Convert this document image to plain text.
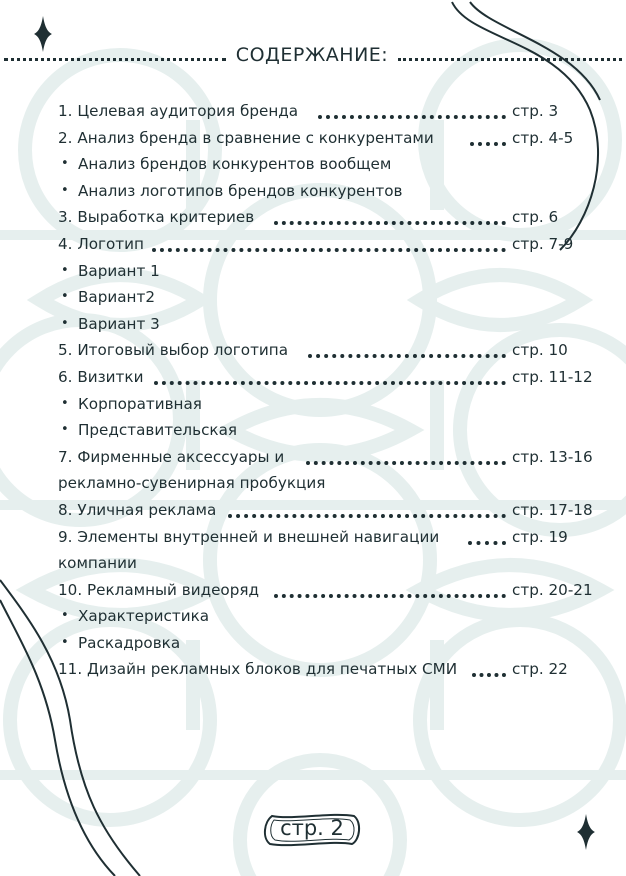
СОДЕРЖАНИЕ:
1. Целевая аудитория бренда	стр. 3
2. Анализ бренда в сравнение с конкурентами	стр. 4-5
• Анализ брендов конкурентов вообщем
• Анализ логотипов брендов конкурентов
3. Выработка критериев	стр. 6
4. Логотип	стр. 7-9
• Вариант 1
• Вариант2
• Вариант 3
5. Итоговый выбор логотипа	стр. 10
6. Визитки	стр. 11-12
• Корпоративная
• Представительская
7. Фирменные аксессуары и	стр. 13-16
рекламно-сувенирная пробукция
8. Уличная реклама	стр. 17-18
9. Элементы внутренней и внешней навигации	стр. 19
компании
10. Рекламный видеоряд	стр. 20-21
• Характеристика
• Раскадровка
11. Дизайн рекламных блоков для печатных СМИ	стр. 22
стр. 2
